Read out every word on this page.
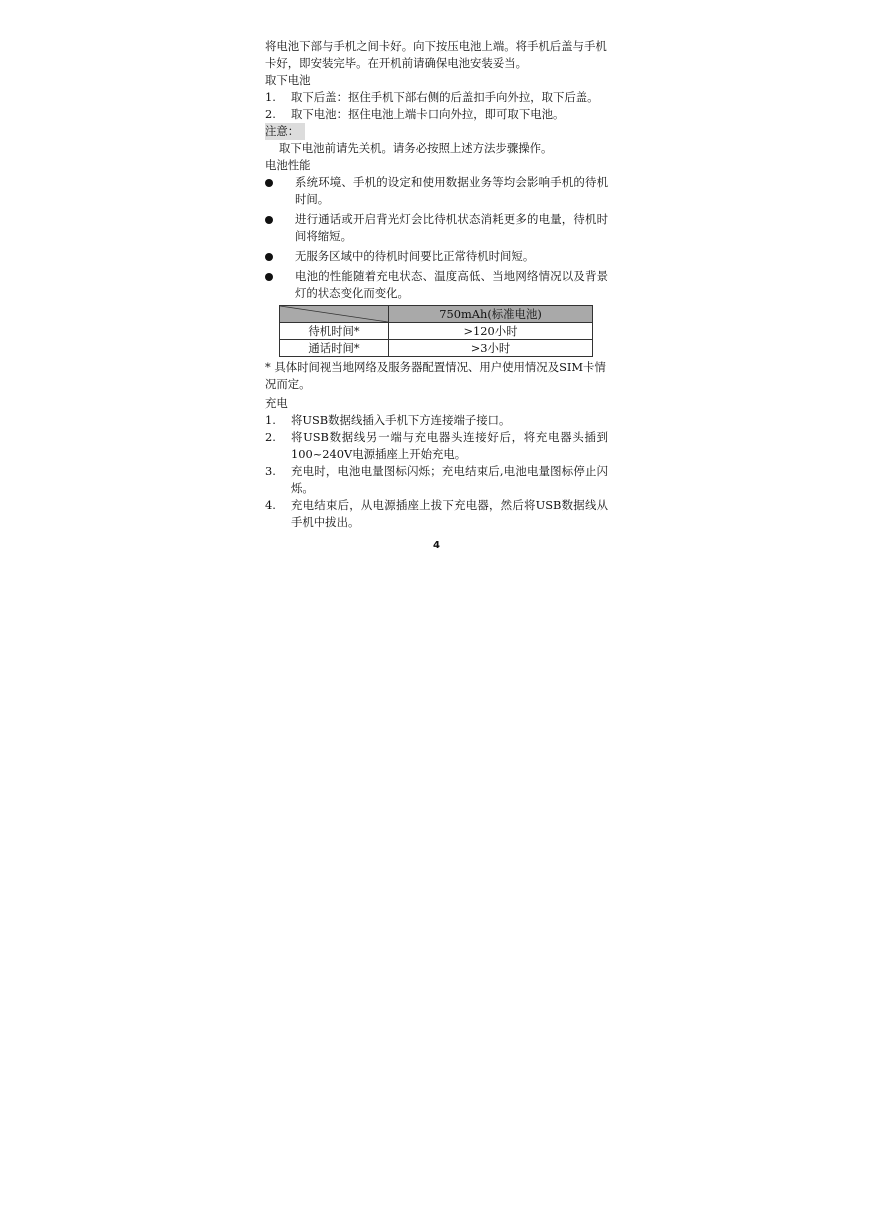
将电池下部与手机之间卡好。向下按压电池上端。将手机后盖与手机卡好，即安装完毕。在开机前请确保电池安装妥当。

取下电池

1.	取下后盖：抠住手机下部右侧的后盖扣手向外拉，取下后盖。
2.	取下电池：抠住电池上端卡口向外拉，即可取下电池。
注意：

取下电池前请先关机。请务必按照上述方法步骤操作。

电池性能

系统环境、手机的设定和使用数据业务等均会影响手机的待机时间。
进行通话或开启背光灯会比待机状态消耗更多的电量，待机时间将缩短。
无服务区域中的待机时间要比正常待机时间短。
电池的性能随着充电状态、温度高低、当地网络情况以及背景灯的状态变化而变化。
	750mAh(标准电池)
待机时间*	>120小时
通话时间*	>3小时

* 具体时间视当地网络及服务器配置情况、用户使用情况及SIM卡情况而定。

充电

1.	将USB数据线插入手机下方连接端子接口。
2.	将USB数据线另一端与充电器头连接好后，将充电器头插到100~240V电源插座上开始充电。
3.	充电时，电池电量图标闪烁；充电结束后,电池电量图标停止闪烁。
4.	充电结束后，从电源插座上拔下充电器，然后将USB数据线从手机中拔出。
4
